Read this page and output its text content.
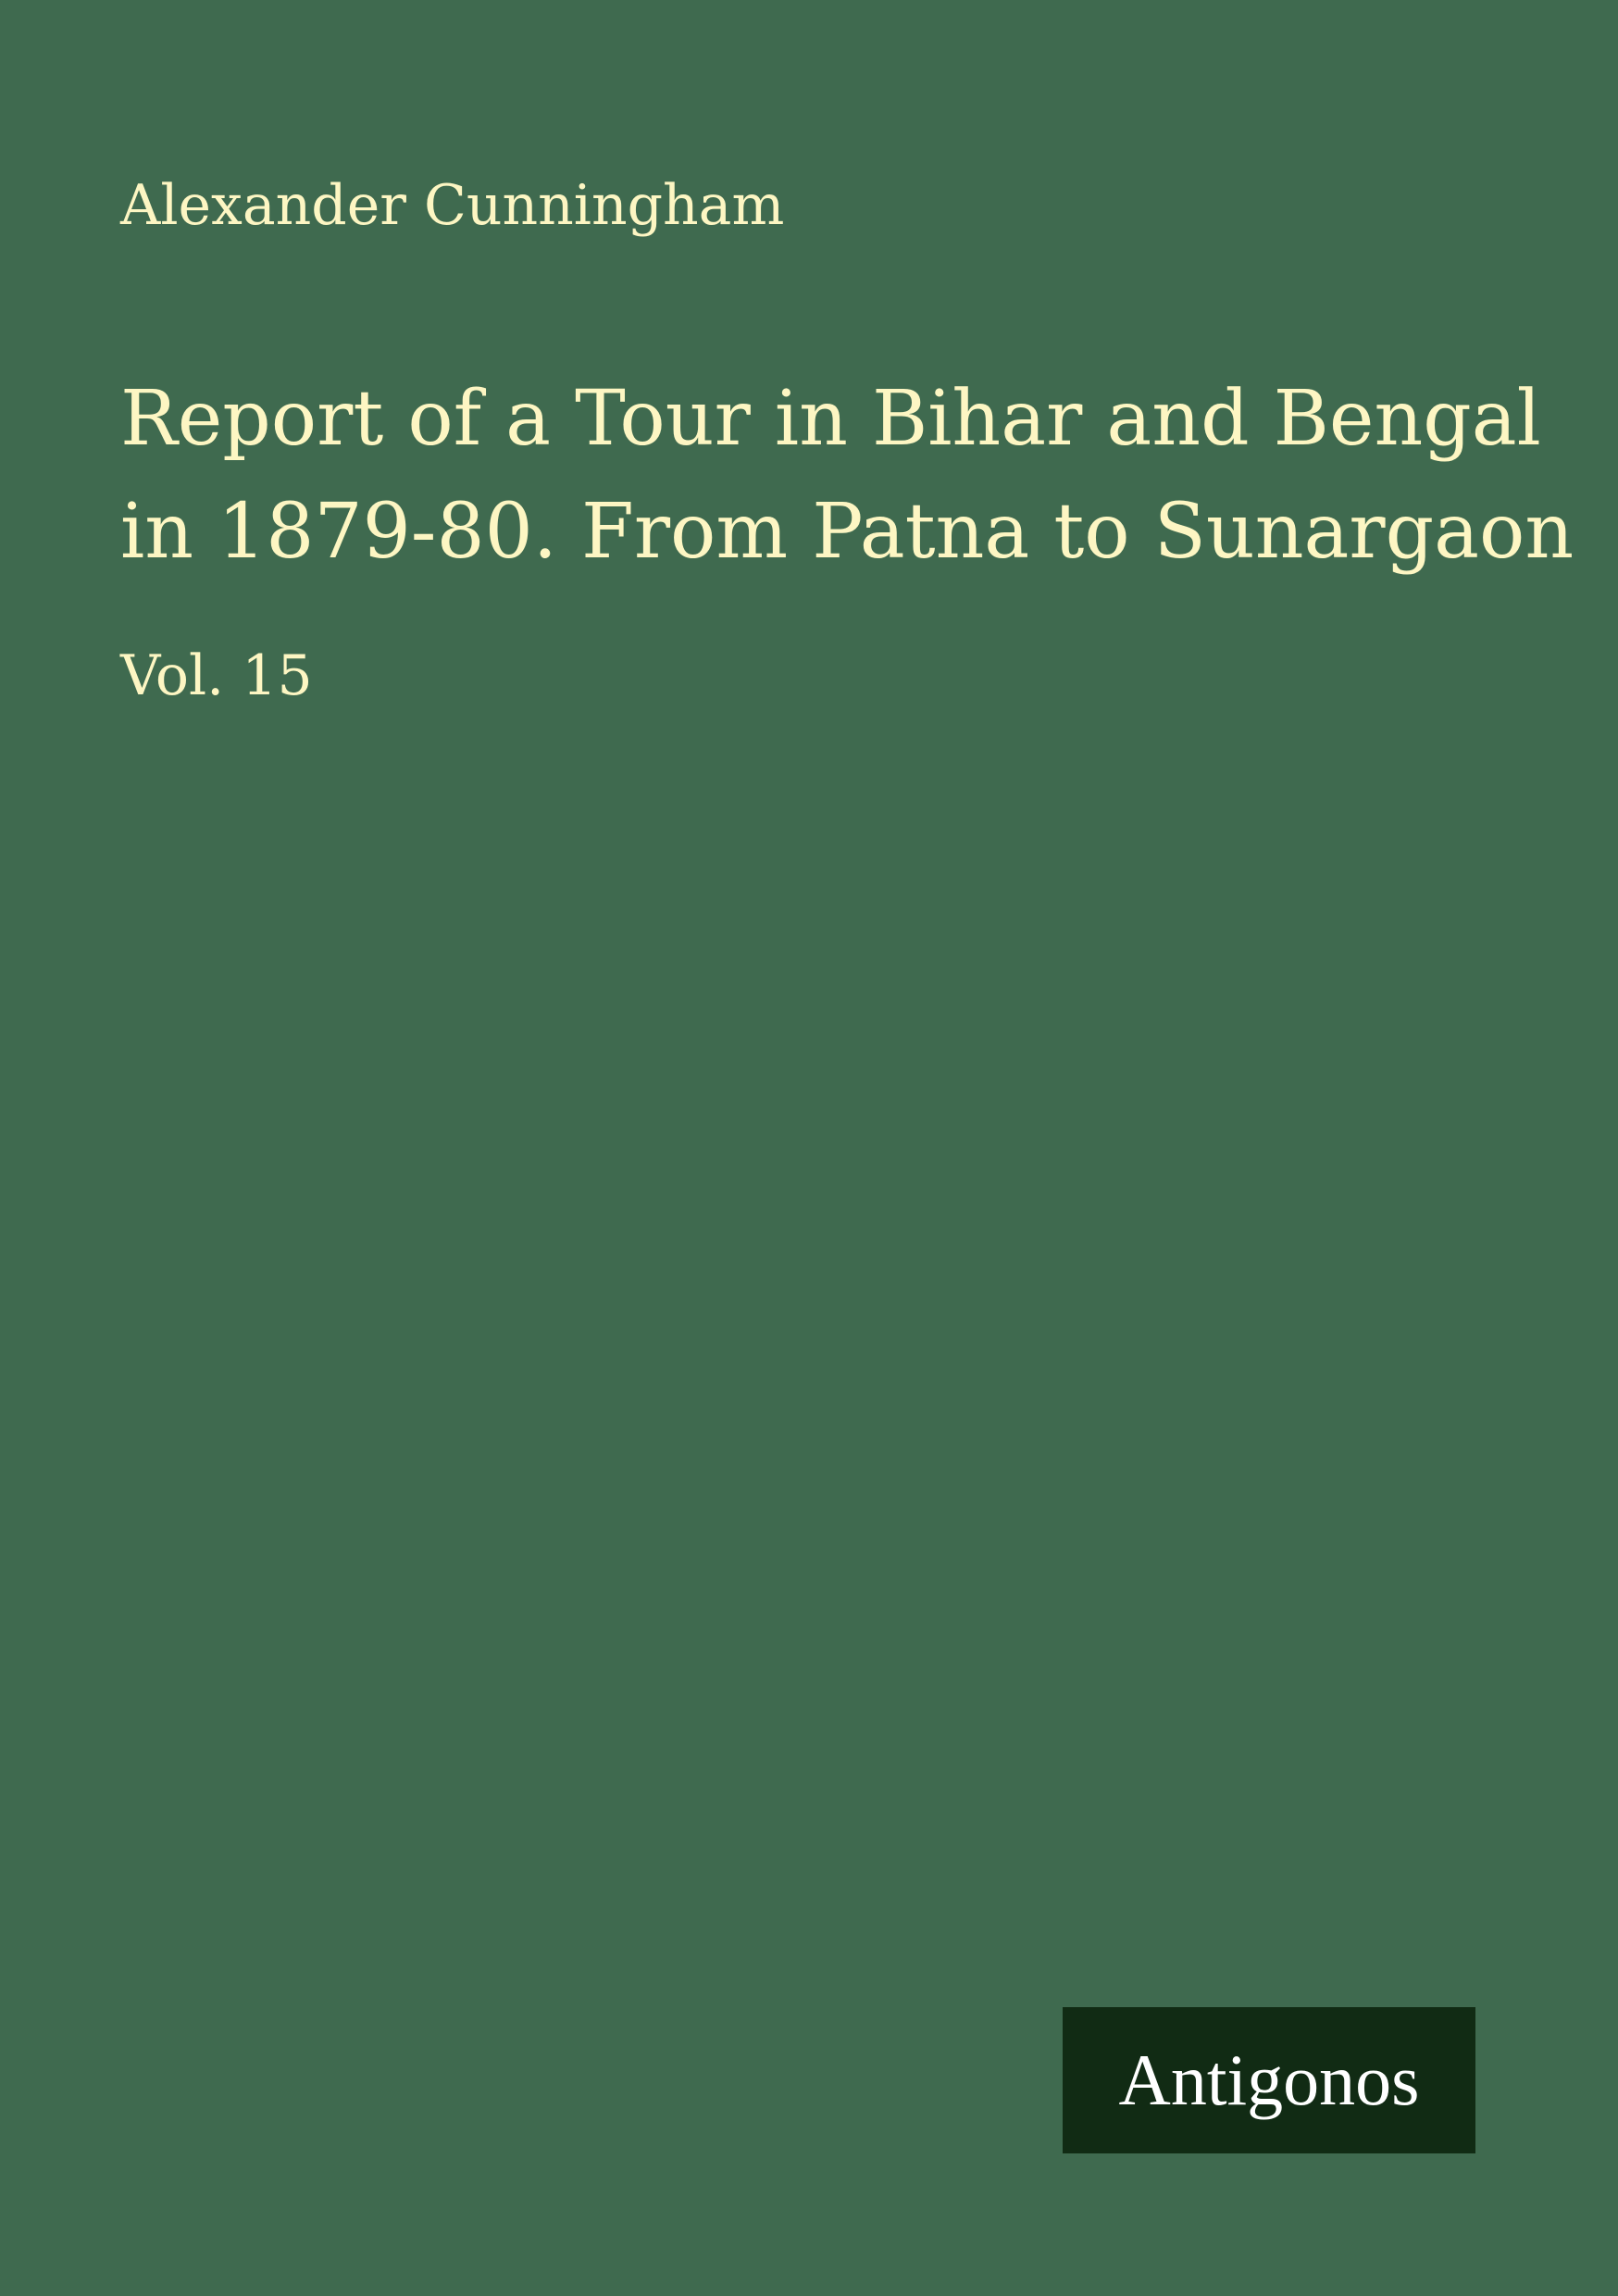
Alexander Cunningham
Report of a Tour in Bihar and Bengal
in 1879-80. From Patna to Sunargaon
Vol. 15
Antigonos
